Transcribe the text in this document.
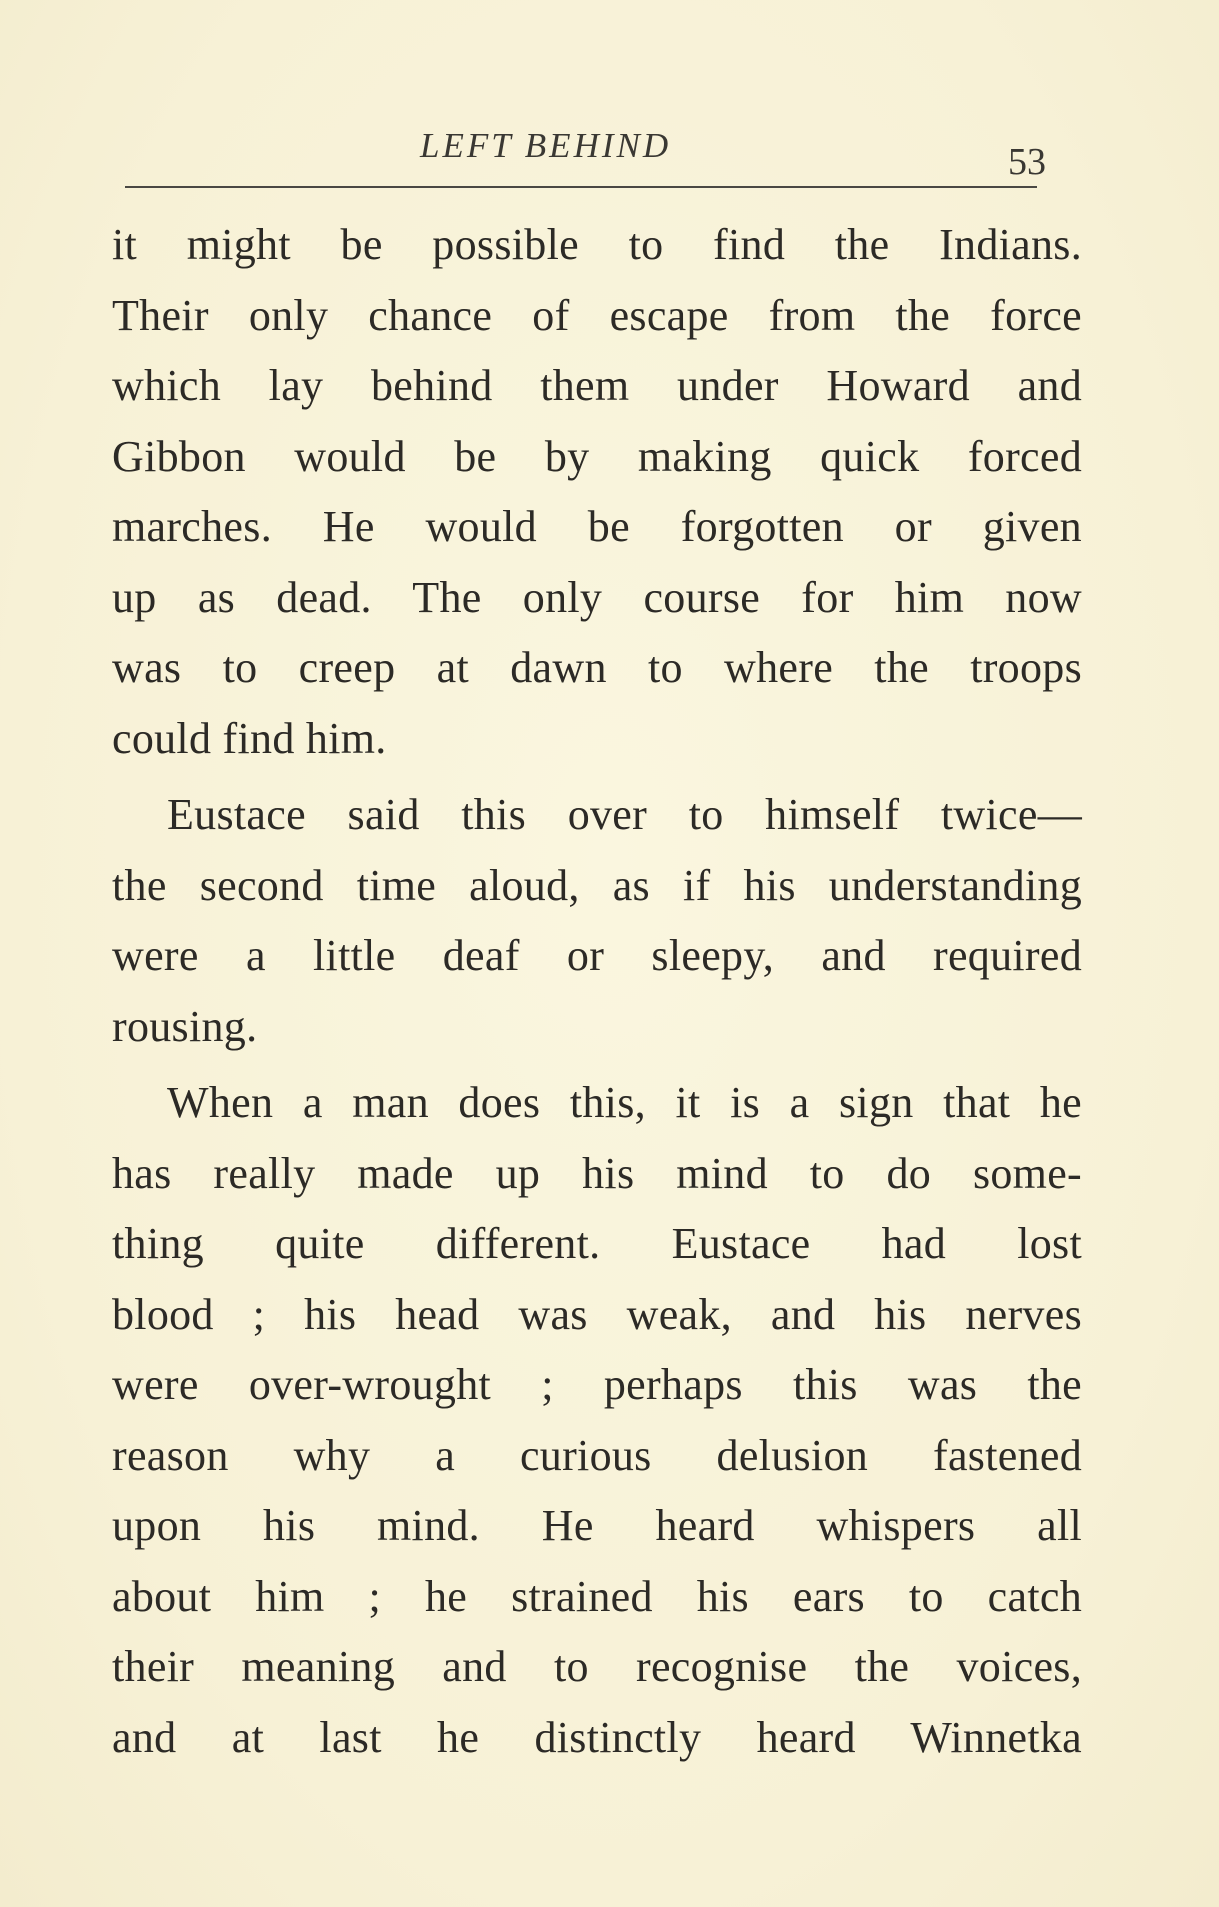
LEFT BEHIND	53
it might be possible to find the Indians.
Their only chance of escape from the force
which lay behind them under Howard and
Gibbon would be by making quick forced
marches. He would be forgotten or given
up as dead. The only course for him now
was to creep at dawn to where the troops
could find him.
Eustace said this over to himself twice—
the second time aloud, as if his understanding
were a little deaf or sleepy, and required
rousing.
When a man does this, it is a sign that he
has really made up his mind to do some-
thing quite different. Eustace had lost
blood ; his head was weak, and his nerves
were over-wrought ; perhaps this was the
reason why a curious delusion fastened
upon his mind. He heard whispers all
about him ; he strained his ears to catch
their meaning and to recognise the voices,
and at last he distinctly heard Winnetka
